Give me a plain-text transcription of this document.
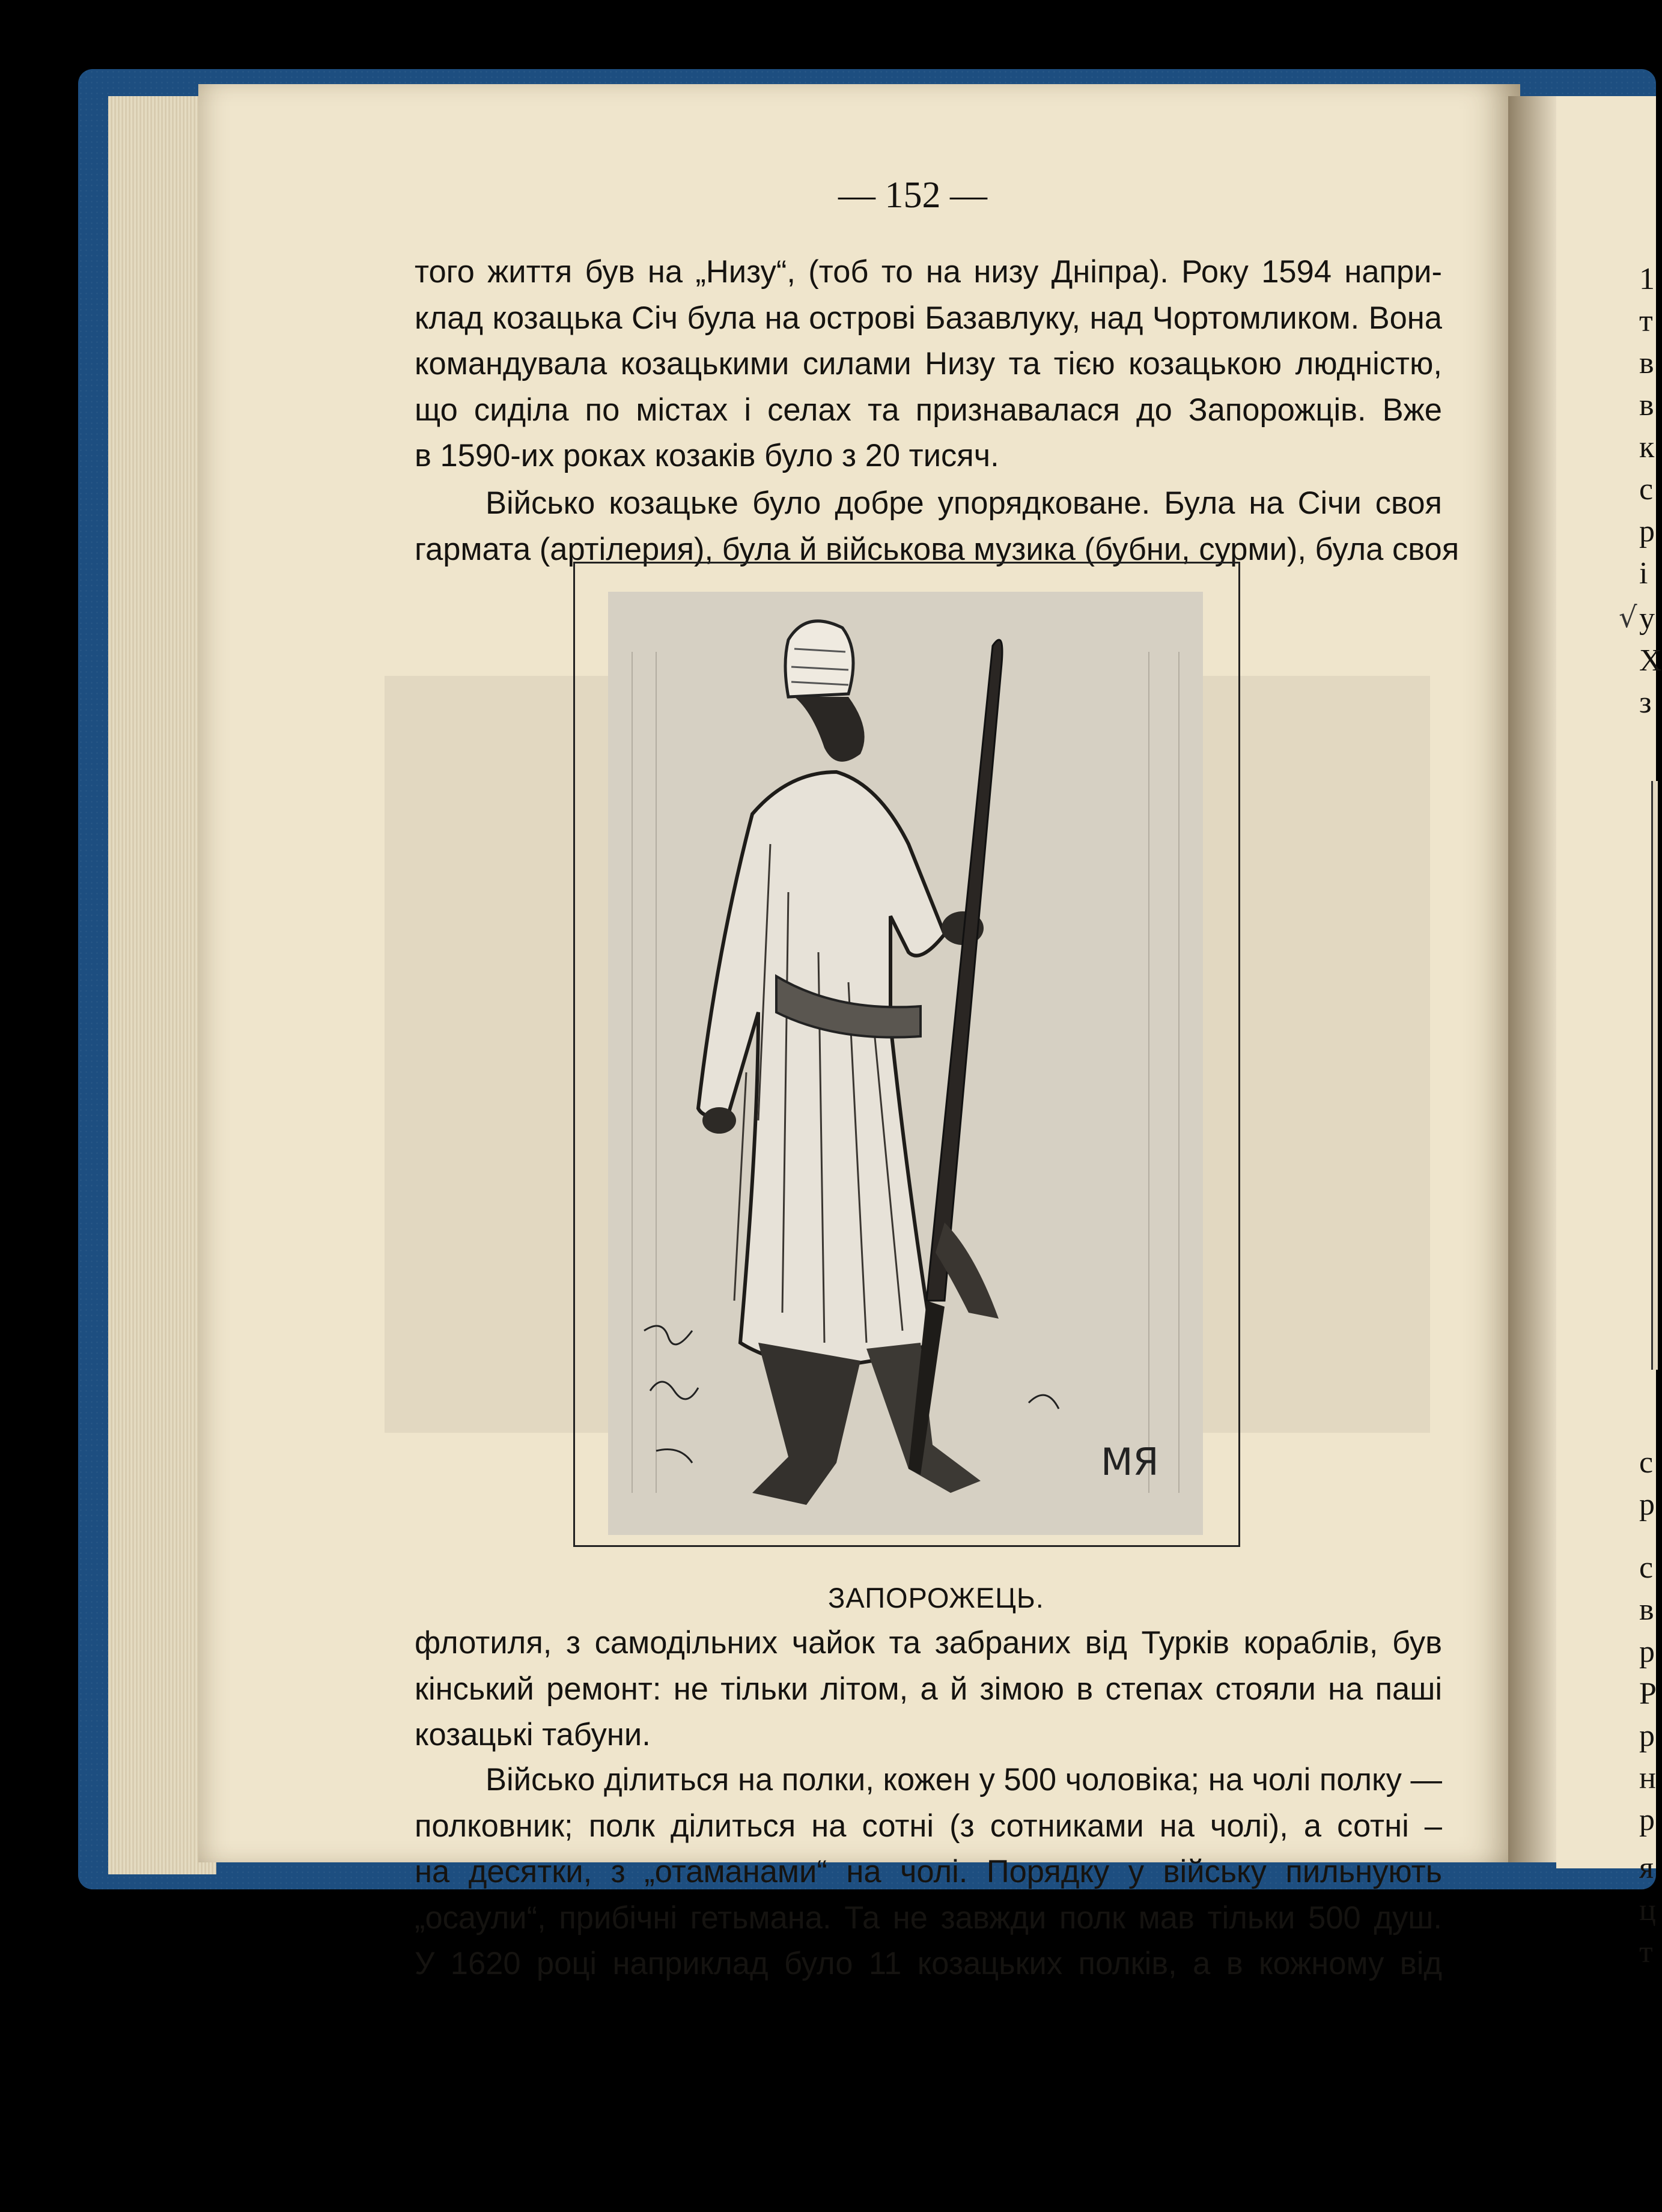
— 152 —
того життя був на „Низу“, (тоб то на низу Дніпра). Року 1594 напри-
клад козацька Січ була на острові Базавлуку, над Чортомликом. Вона
командувала козацькими силами Низу та тією козацькою людністю,
що сиділа по містах і селах та признавалася до Запорожців. Вже
в 1590-их роках козаків було з 20 тисяч.
Військо козацьке було добре упорядковане. Була на Січи своя
гармата (артілерия), була й військова музика (бубни, сурми), була своя
МЯ
ЗАПОРОЖЕЦЬ.
флотиля, з самодільних чайок та забраних від Турків кораблів, був
кінський ремонт: не тільки літом, а й зімою в степах стояли на паші
козацькі табуни.
Військо ділиться на полки, кожен у 500 чоловіка; на чолі полку —
полковник; полк ділиться на сотні (з сотниками на чолі), а сотні –
на десятки, з „отаманами“ на чолі. Порядку у війську пильнують
„осаули“, прибічні гетьмана. Та не завжди полк мав тільки 500 душ.
У 1620 році наприклад було 11 козацьких полків, а в кожному від
1
т
в
в
к
с
р
і
√ у
Х
з
с
р
с
в
р
Р
р
н
р
я
ц
т
